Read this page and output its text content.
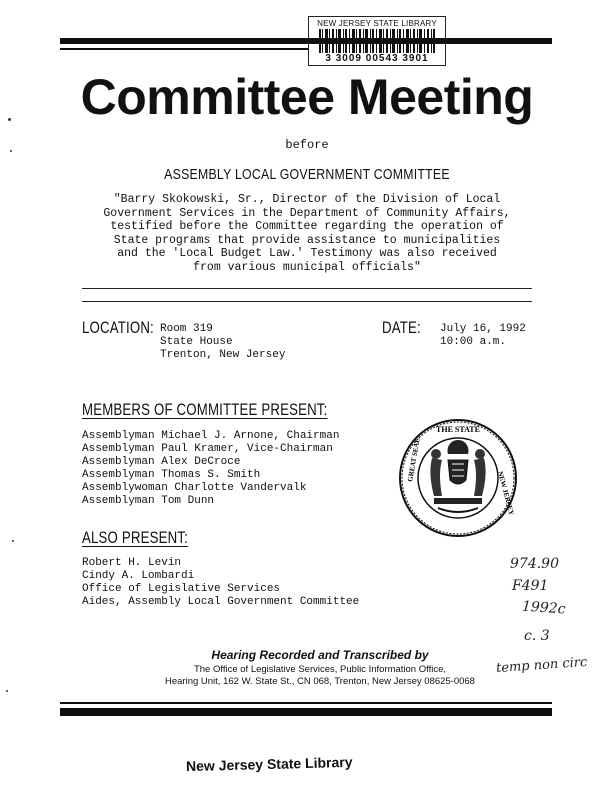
NEW JERSEY STATE LIBRARY
3 3009 00543 3901
Committee Meeting
before
ASSEMBLY LOCAL GOVERNMENT COMMITTEE
"Barry Skokowski, Sr., Director of the Division of Local
Government Services in the Department of Community Affairs,
testified before the Committee regarding the operation of
State programs that provide assistance to municipalities
and the 'Local Budget Law.' Testimony was also received
from various municipal officials"
LOCATION: Room 319
State House
Trenton, New Jersey
DATE: July 16, 1992
10:00 a.m.
MEMBERS OF COMMITTEE PRESENT:
Assemblyman Michael J. Arnone, Chairman
Assemblyman Paul Kramer, Vice-Chairman
Assemblyman Alex DeCroce
Assemblyman Thomas S. Smith
Assemblywoman Charlotte Vandervalk
Assemblyman Tom Dunn
THE STATE
GREAT SEAL
NEW JERSEY
ALSO PRESENT:
Robert H. Levin
Cindy A. Lombardi
Office of Legislative Services
Aides, Assembly Local Government Committee
974.90
F491
1992c
c. 3
temp non circ
Hearing Recorded and Transcribed by
The Office of Legislative Services, Public Information Office,
Hearing Unit, 162 W. State St., CN 068, Trenton, New Jersey 08625-0068
New Jersey State Library
